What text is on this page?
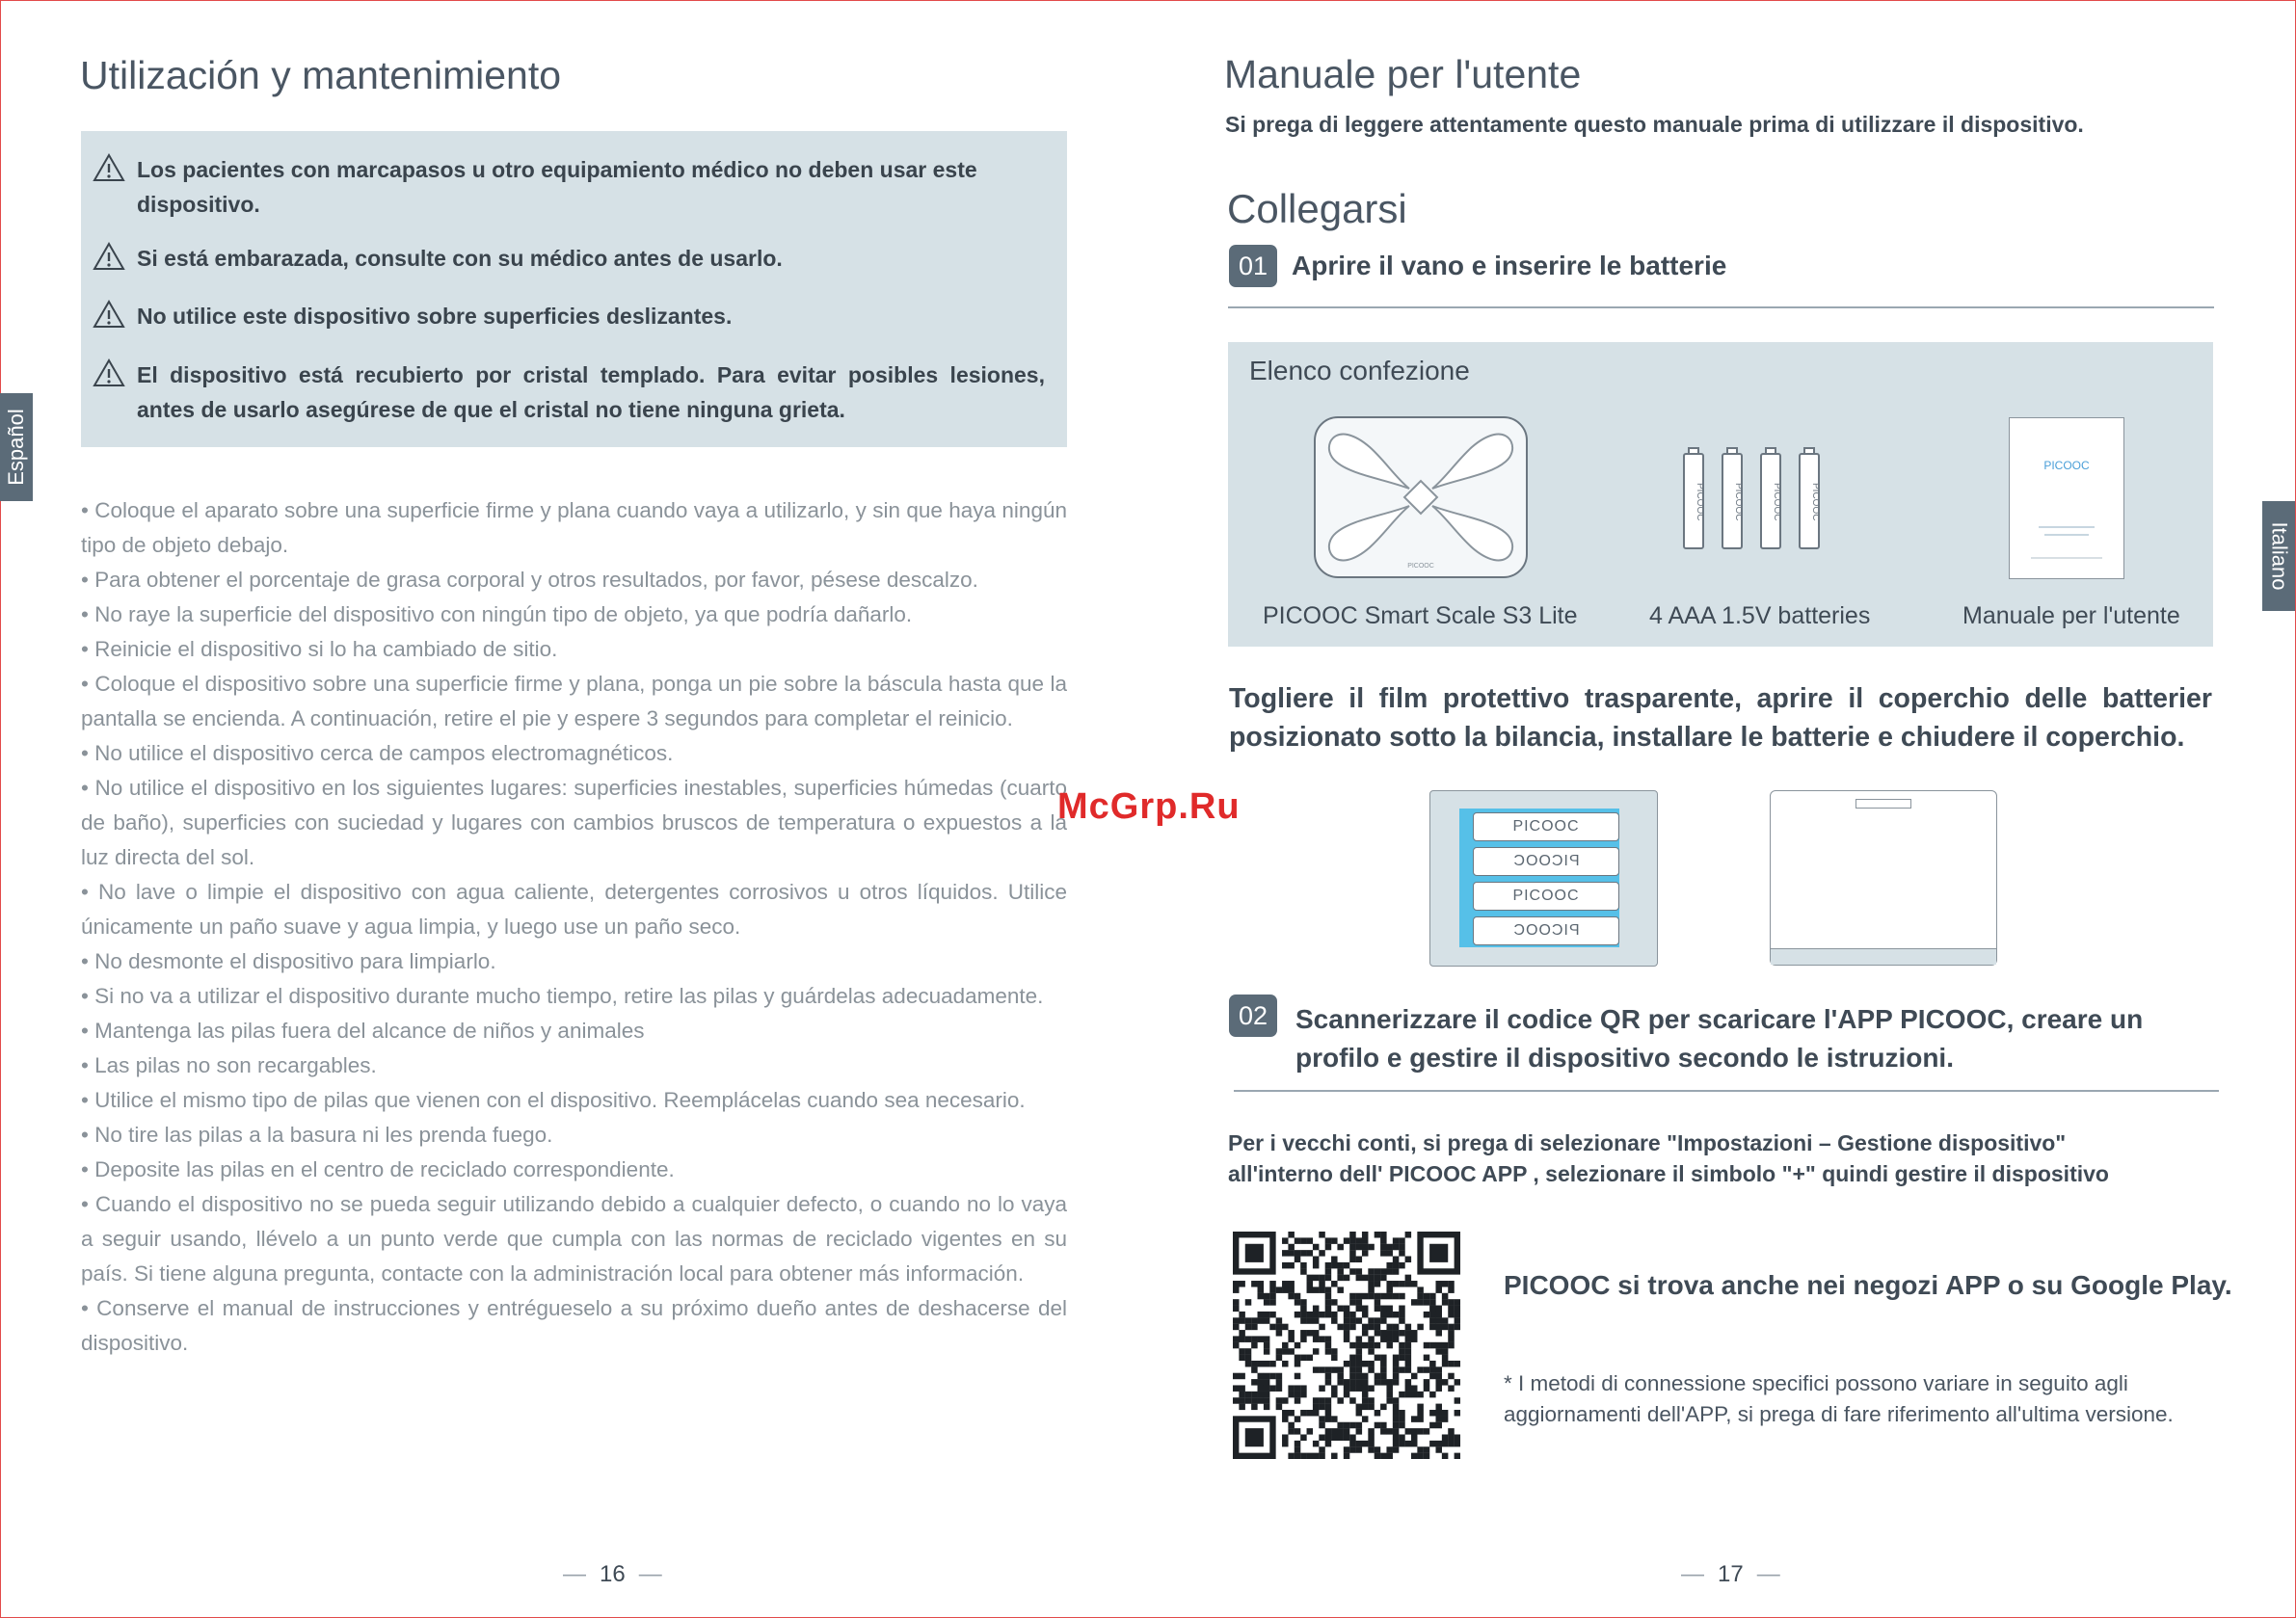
Español
Utilización y mantenimiento
Los pacientes con marcapasos u otro equipamiento médico no deben usar este dispositivo.
Si está embarazada, consulte con su médico antes de usarlo.
No utilice este dispositivo sobre superficies deslizantes.
El dispositivo está recubierto por cristal templado. Para evitar posibles lesiones, antes de usarlo asegúrese de que el cristal no tiene ninguna grieta.

• Coloque el aparato sobre una superficie firme y plana cuando vaya a utilizarlo, y sin que haya ningún tipo de objeto debajo.

• Para obtener el porcentaje de grasa corporal y otros resultados, por favor, pésese descalzo.

• No raye la superficie del dispositivo con ningún tipo de objeto, ya que podría dañarlo.

• Reinicie el dispositivo si lo ha cambiado de sitio.

• Coloque el dispositivo sobre una superficie firme y plana, ponga un pie sobre la báscula hasta que la pantalla se encienda. A continuación, retire el pie y espere 3 segundos para completar el reinicio.

• No utilice el dispositivo cerca de campos electromagnéticos.

• No utilice el dispositivo en los siguientes lugares: superficies inestables, superficies húmedas (cuarto de baño), superficies con suciedad y lugares con cambios bruscos de temperatura o expuestos a la luz directa del sol.

• No lave o limpie el dispositivo con agua caliente, detergentes corrosivos u otros líquidos. Utilice únicamente un paño suave y agua limpia, y luego use un paño seco.

• No desmonte el dispositivo para limpiarlo.

• Si no va a utilizar el dispositivo durante mucho tiempo, retire las pilas y guárdelas adecuadamente.

• Mantenga las pilas fuera del alcance de niños y animales

• Las pilas no son recargables.

• Utilice el mismo tipo de pilas que vienen con el dispositivo. Reemplácelas cuando sea necesario.

• No tire las pilas a la basura ni les prenda fuego.

• Deposite las pilas en el centro de reciclado correspondiente.

• Cuando el dispositivo no se pueda seguir utilizando debido a cualquier defecto, o cuando no lo vaya a seguir usando, llévelo a un punto verde que cumpla con las normas de reciclado vigentes en su país. Si tiene alguna pregunta, contacte con la administración local para obtener más información.

• Conserve el manual de instrucciones y entrégueselo a su próximo dueño antes de deshacerse del dispositivo.

— 16 —
Italiano
Manuale per l'utente
Si prega di leggere attentamente questo manuale prima di utilizzare il dispositivo.
Collegarsi
01 Aprire il vano e inserire le batterie
Elenco confezione
PICOOC
PICOOC	PICOOC	PICOOC	PICOOC
PICOOC
PICOOC Smart Scale S3 Lite	4 AAA 1.5V batteries	Manuale per l'utente
Togliere il film protettivo trasparente, aprire il coperchio delle batterier posizionato sotto la bilancia, installare le batterie e chiudere il coperchio.
PICOOC
PICOOC
PICOOC
PICOOC
02	Scannerizzare il codice QR per scaricare l'APP PICOOC, creare un profilo e gestire il dispositivo secondo le istruzioni.
Per i vecchi conti, si prega di selezionare "Impostazioni – Gestione dispositivo"
all'interno dell' PICOOC APP , selezionare il simbolo "+" quindi gestire il dispositivo
PICOOC si trova anche nei negozi APP o su Google Play.
* I metodi di connessione specifici possono variare in seguito agli aggiornamenti dell'APP, si prega di fare riferimento all'ultima versione.
— 17 —
McGrp.Ru
